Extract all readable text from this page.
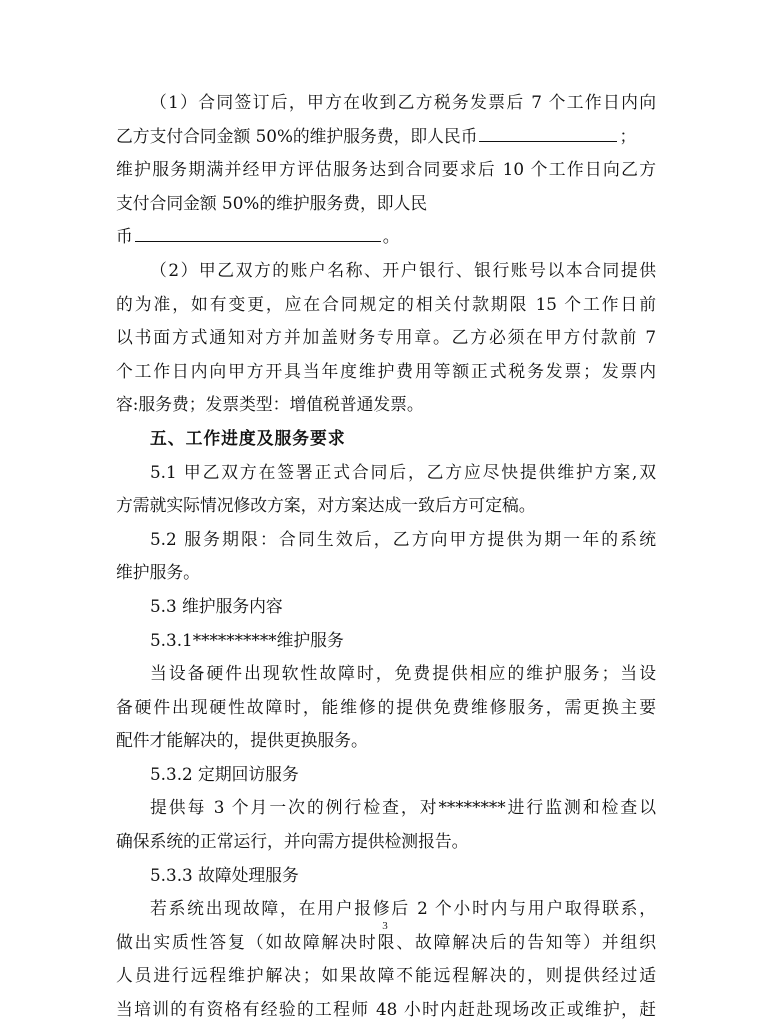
（1）合同签订后，甲方在收到乙方税务发票后 7 个工作日内向
乙方支付合同金额 50%的维护服务费，即人民币	；
维护服务期满并经甲方评估服务达到合同要求后 10 个工作日向乙方
支付合同金额 50%的维护服务费，即人民
币	。
（2）甲乙双方的账户名称、开户银行、银行账号以本合同提供
的为准，如有变更，应在合同规定的相关付款期限 15 个工作日前
以书面方式通知对方并加盖财务专用章。乙方必须在甲方付款前 7
个工作日内向甲方开具当年度维护费用等额正式税务发票；发票内
容:服务费；发票类型：增值税普通发票。
五、工作进度及服务要求
5.1 甲乙双方在签署正式合同后，乙方应尽快提供维护方案,双
方需就实际情况修改方案，对方案达成一致后方可定稿。
5.2 服务期限：合同生效后，乙方向甲方提供为期一年的系统
维护服务。
5.3 维护服务内容
5.3.1**********维护服务
当设备硬件出现软性故障时，免费提供相应的维护服务；当设
备硬件出现硬性故障时，能维修的提供免费维修服务，需更换主要
配件才能解决的，提供更换服务。
5.3.2 定期回访服务
提供每 3 个月一次的例行检查，对********进行监测和检查以
确保系统的正常运行，并向需方提供检测报告。
5.3.3 故障处理服务
若系统出现故障，在用户报修后 2 个小时内与用户取得联系，
做出实质性答复（如故障解决时限、故障解决后的告知等）并组织
人员进行远程维护解决；如果故障不能远程解决的，则提供经过适
当培训的有资格有经验的工程师 48 小时内赶赴现场改正或维护，赶
3
